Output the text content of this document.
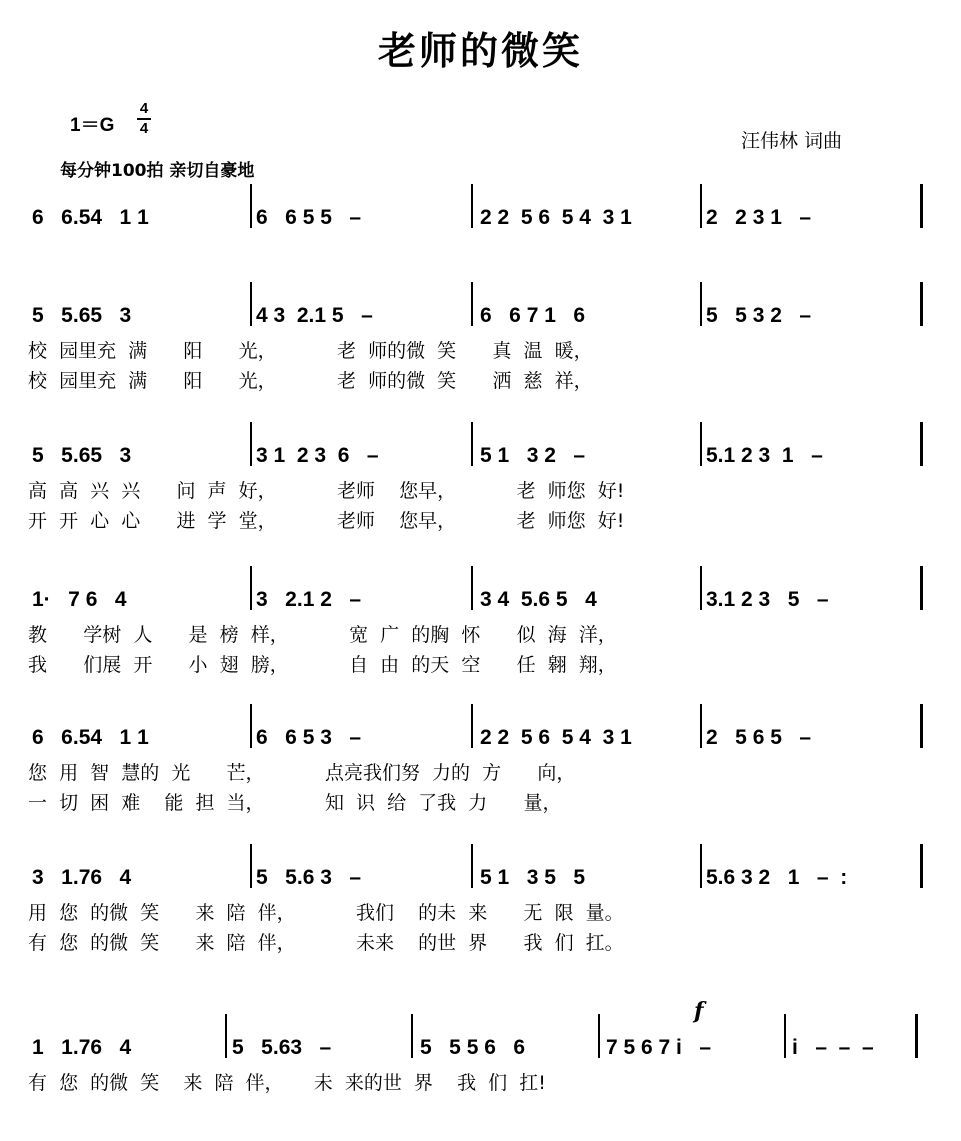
老师的微笑
1＝G
4
4
每分钟100拍 亲切自豪地
汪伟林 词曲
6   6.54   1 1	6   6 5 5   –	2 2  5 6  5 4  3 1	2   2 3 1   –
5   5.65   3	4 3  2.1 5   –	6   6 7 1   6	5   5 3 2   –
校  园里充  满      阳      光，          老  师的微  笑      真  温  暖，
校  园里充  满      阳      光，          老  师的微  笑      洒  慈  祥，
5   5.65   3	3 1  2 3  6   –	5 1   3 2   –	5.1 2 3  1   –
高  高  兴  兴      问  声  好，          老师    您早，          老  师您  好!
开  开  心  心      进  学  堂，          老师    您早，          老  师您  好!
1·   7 6   4	3   2.1 2   –	3 4  5.6 5   4	3.1 2 3   5   –
教      学树  人      是  榜  样，          宽  广  的胸  怀      似  海  洋，
我      们展  开      小  翅  膀，          自  由  的天  空      任  翱  翔，
6   6.54   1 1	6   6 5 3   –	2 2  5 6  5 4  3 1	2   5 6 5   –
您  用  智  慧的  光      芒，          点亮我们努  力的  方      向，
一  切  困  难    能  担  当，          知  识  给  了我  力      量，
3   1.76   4	5   5.6 3   –	5 1   3 5   5	5.6 3 2   1   –  :
用  您  的微  笑      来  陪  伴，          我们    的未  来      无  限  量。
有  您  的微  笑      来  陪  伴，          未来    的世  界      我  们  扛。
1   1.76   4	5   5.63   –	5   5 5 6   6	7 5 6 7 i   –	i   –  –  –
有  您  的微  笑    来  陪  伴，     未  来的世  界    我  们  扛!
f
